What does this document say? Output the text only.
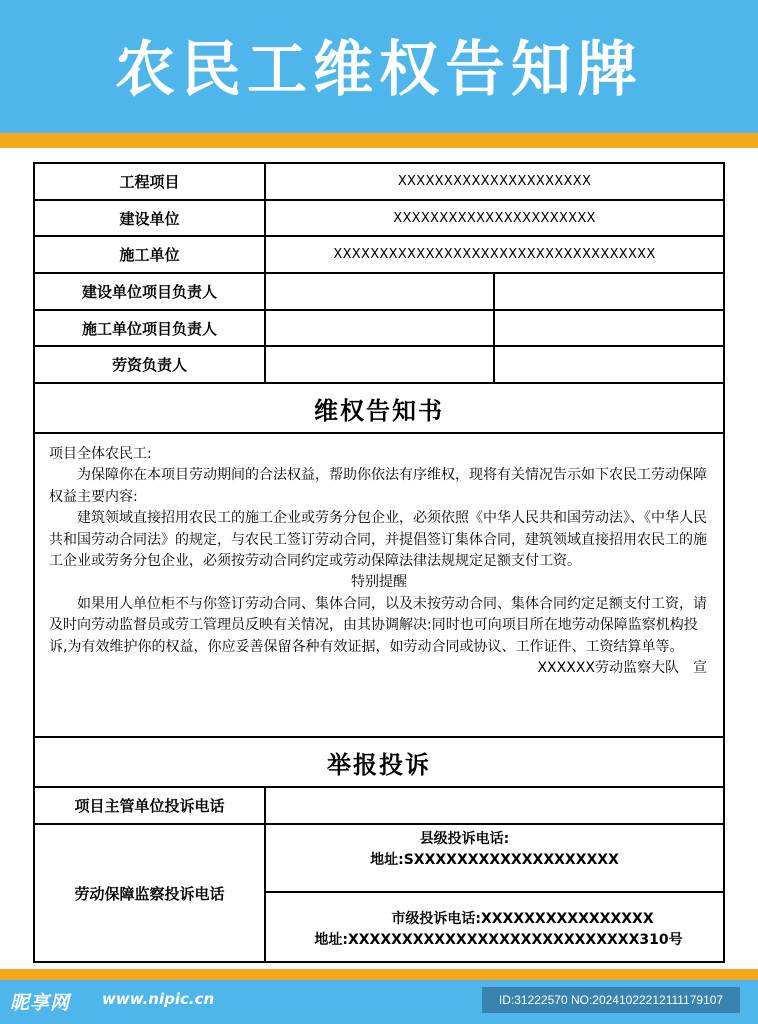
农民工维权告知牌
工程项目	XXXXXXXXXXXXXXXXXXXXX
建设单位	XXXXXXXXXXXXXXXXXXXXXX
施工单位	XXXXXXXXXXXXXXXXXXXXXXXXXXXXXXXXXXX
建设单位项目负责人
施工单位项目负责人
劳资负责人
维权告知书

项目全体农民工:

为保障你在本项目劳动期间的合法权益，帮助你依法有序维权，现将有关情况告示如下农民工劳动保障权益主要内容:

建筑领域直接招用农民工的施工企业或劳务分包企业，必须依照《中华人民共和国劳动法》、《中华人民共和国劳动合同法》的规定，与农民工签订劳动合同，并提倡签订集体合同，建筑领域直接招用农民工的施工企业或劳务分包企业，必须按劳动合同约定或劳动保障法律法规规定足额支付工资。

特别提醒

如果用人单位柜不与你签订劳动合同、集体合同，以及未按劳动合同、集体合同约定足额支付工资，请及时向劳动监督员或劳工管理员反映有关情况，由其协调解决:同时也可向项目所在地劳动保障监察机构投诉,为有效维护你的权益，你应妥善保留各种有效证据，如劳动合同或协议、工作证件、工资结算单等。

XXXXXX劳动监察大队　宣

举报投诉
项目主管单位投诉电话
劳动保障监察投诉电话
县级投诉电话:
地址:SXXXXXXXXXXXXXXXXXXX
市级投诉电话:XXXXXXXXXXXXXXXX
地址:XXXXXXXXXXXXXXXXXXXXXXXXXXX310号
昵享网 www.nipic.cn	ID:31222570 NO:20241022212111179107
